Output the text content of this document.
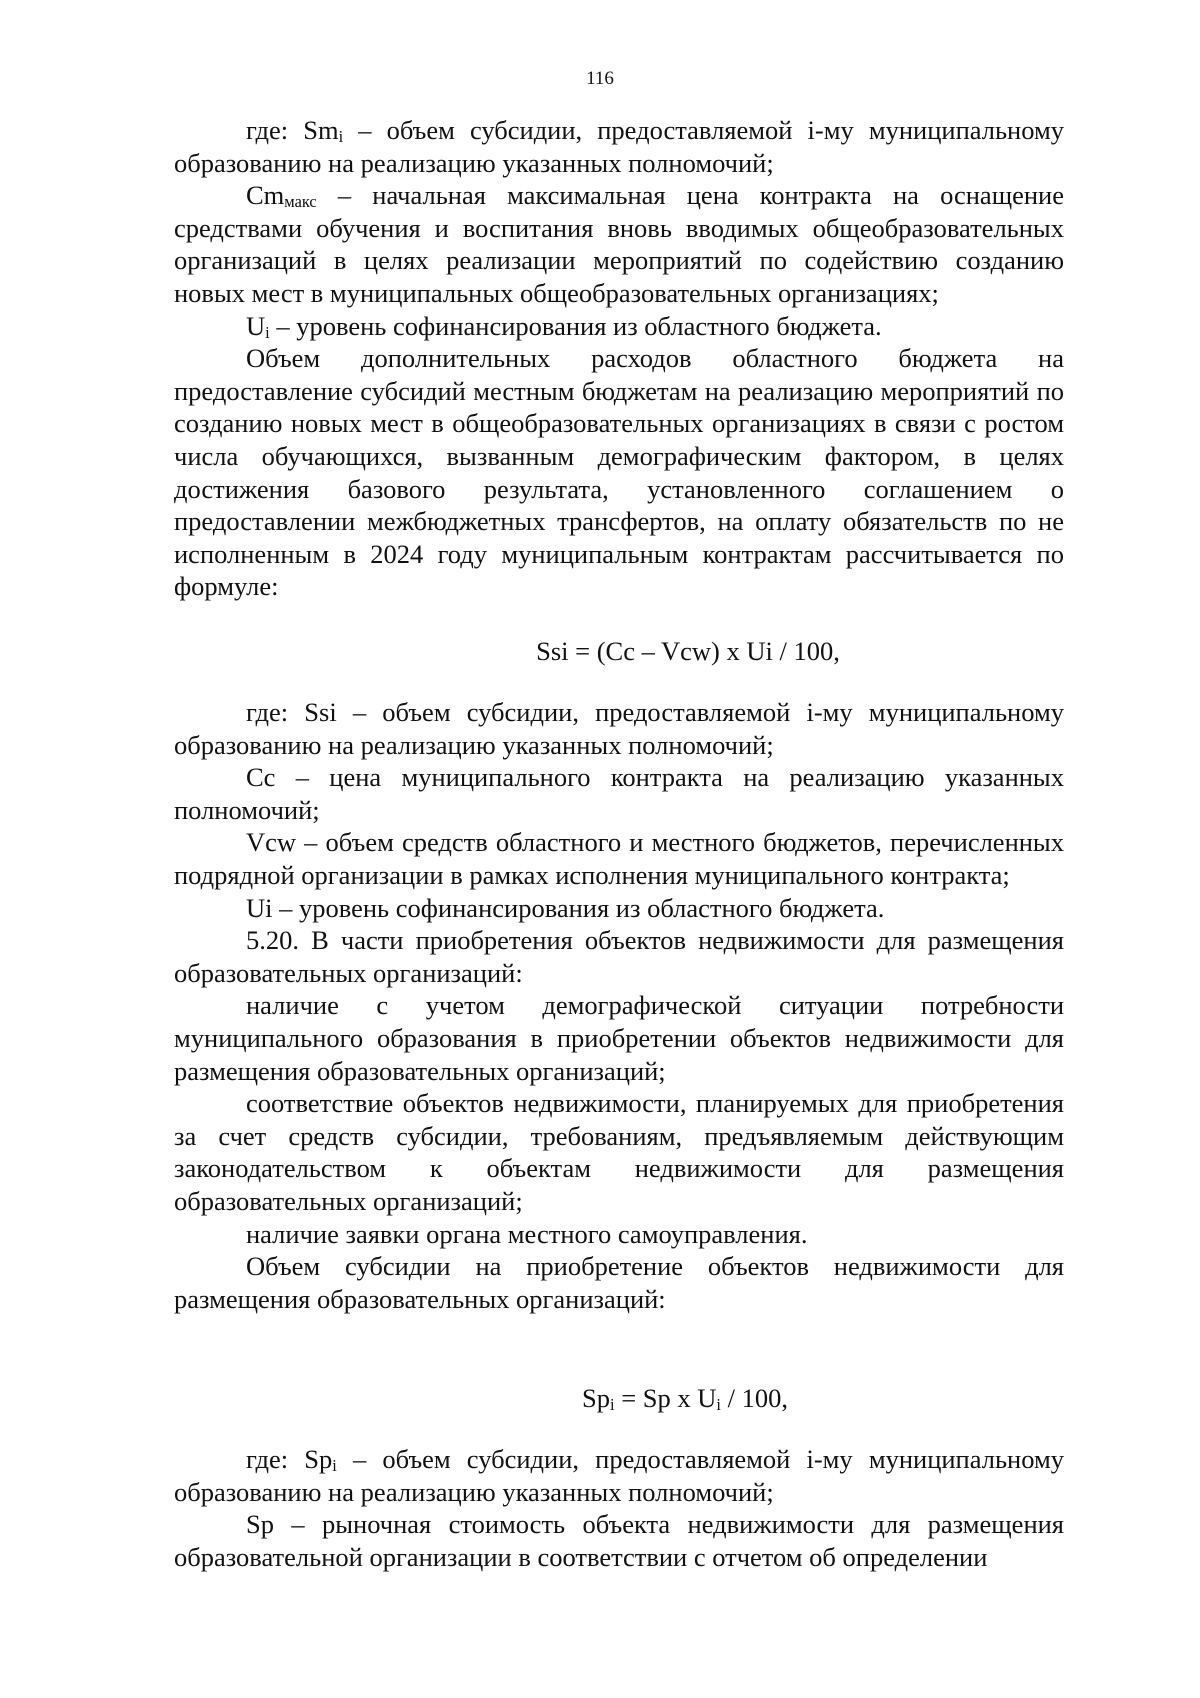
116

где: $Sm_i$ – объем субсидии, предоставляемой i-му муниципальному образованию на реализацию указанных полномочий;

$Cm_{макс}$ – начальная максимальная цена контракта на оснащение средствами обучения и воспитания вновь вводимых общеобразовательных организаций в целях реализации мероприятий по содействию созданию новых мест в муниципальных общеобразовательных организациях;

$U_i$ – уровень софинансирования из областного бюджета.

Объем дополнительных расходов областного бюджета на предоставление субсидий местным бюджетам на реализацию мероприятий по созданию новых мест в общеобразовательных организациях в связи с ростом числа обучающихся, вызванным демографическим фактором, в целях достижения базового результата, установленного соглашением о предоставлении межбюджетных трансфертов, на оплату обязательств по не исполненным в 2024 году муниципальным контрактам рассчитывается по формуле:

Ssi = (Cc – Vcw) x Ui / 100,

где: Ssi – объем субсидии, предоставляемой i-му муниципальному образованию на реализацию указанных полномочий;

Cc – цена муниципального контракта на реализацию указанных полномочий;

Vcw – объем средств областного и местного бюджетов, перечисленных подрядной организации в рамках исполнения муниципального контракта;

Ui – уровень софинансирования из областного бюджета.

5.20. В части приобретения объектов недвижимости для размещения образовательных организаций:

наличие с учетом демографической ситуации потребности муниципального образования в приобретении объектов недвижимости для размещения образовательных организаций;

соответствие объектов недвижимости, планируемых для приобретения за счет средств субсидии, требованиям, предъявляемым действующим законодательством к объектам недвижимости для размещения образовательных организаций;

наличие заявки органа местного самоуправления.

Объем субсидии на приобретение объектов недвижимости для размещения образовательных организаций:

$Sp_i = Sp$ x $U_i / 100$,

где: $Sp_i$ – объем субсидии, предоставляемой i-му муниципальному образованию на реализацию указанных полномочий;

Sp – рыночная стоимость объекта недвижимости для размещения образовательной организации в соответствии с отчетом об определении
